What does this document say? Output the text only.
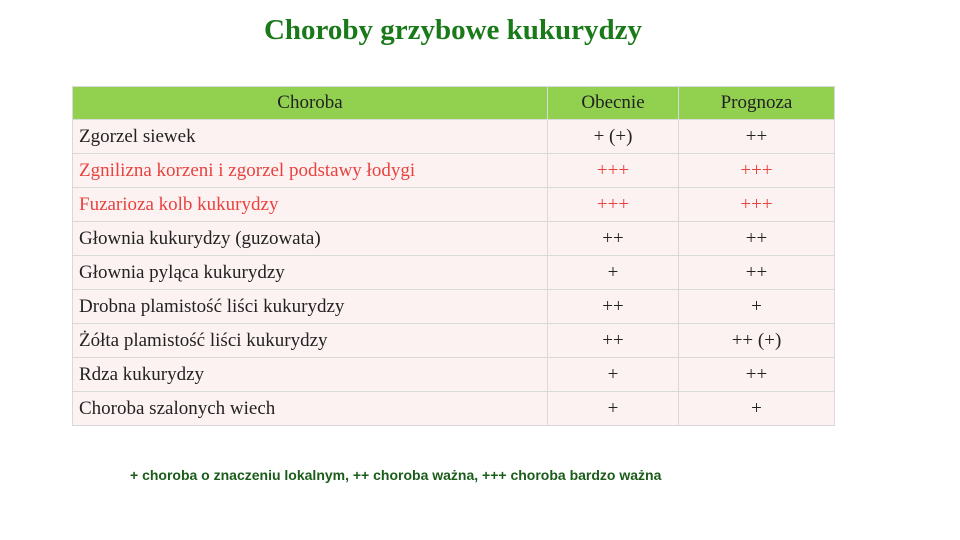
Choroby grzybowe kukurydzy
Choroba	Obecnie	Prognoza
Zgorzel siewek	+ (+)	++
Zgnilizna korzeni i zgorzel podstawy łodygi	+++	+++
Fuzarioza kolb kukurydzy	+++	+++
Głownia kukurydzy (guzowata)	++	++
Głownia pyląca kukurydzy	+	++
Drobna plamistość liści kukurydzy	++	+
Żółta plamistość liści kukurydzy	++	++ (+)
Rdza kukurydzy	+	++
Choroba szalonych wiech	+	+
+ choroba o znaczeniu lokalnym, ++ choroba ważna, +++ choroba bardzo ważna
